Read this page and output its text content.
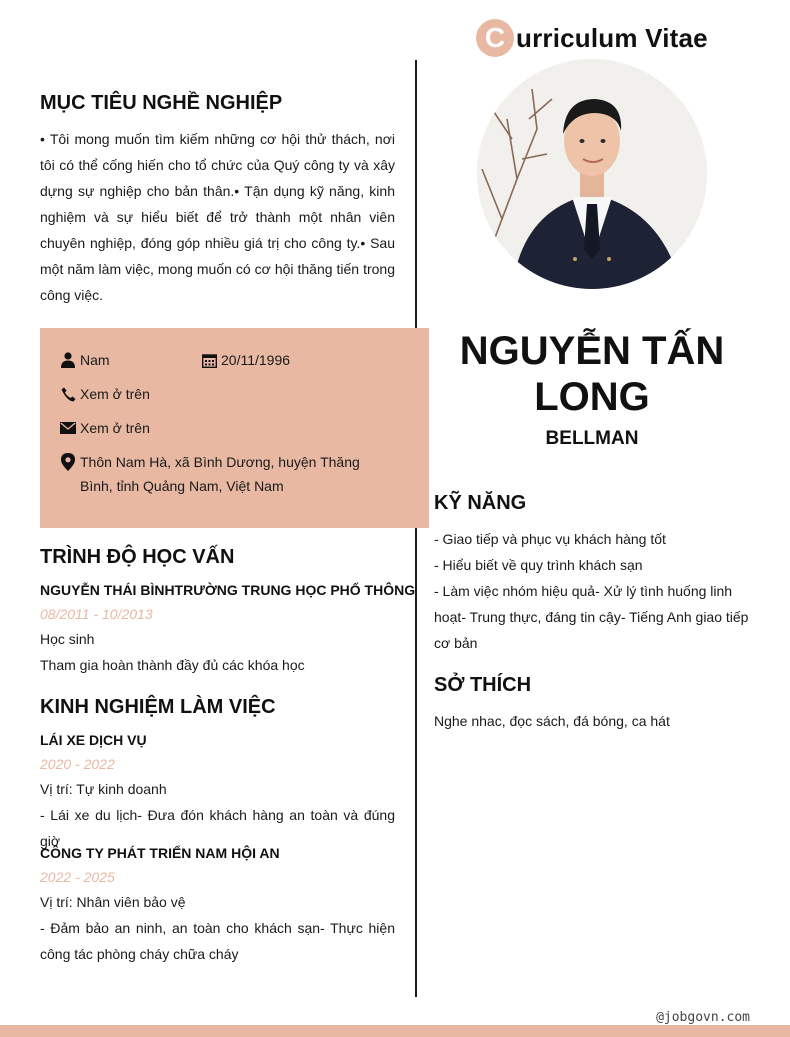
C urriculum Vitae
MỤC TIÊU NGHỀ NGHIỆP

• Tôi mong muốn tìm kiếm những cơ hội thử thách, nơi tôi có thể cống hiến cho tổ chức của Quý công ty và xây dựng sự nghiệp cho bản thân.• Tận dụng kỹ năng, kinh nghiệm và sự hiểu biết để trở thành một nhân viên chuyên nghiệp, đóng góp nhiều giá trị cho công ty.• Sau một năm làm việc, mong muốn có cơ hội thăng tiến trong công việc.

Nam	20/11/1996
Xem ở trên
Xem ở trên
Thôn Nam Hà, xã Bình Dương, huyện Thăng Bình, tỉnh Quảng Nam, Việt Nam
TRÌNH ĐỘ HỌC VẤN
NGUYỄN THÁI BÌNHTRƯỜNG TRUNG HỌC PHỔ THÔNG
08/2011 - 10/2013
Học sinh
Tham gia hoàn thành đầy đủ các khóa học
KINH NGHIỆM LÀM VIỆC
LÁI XE DỊCH VỤ
2020 - 2022
Vị trí: Tự kinh doanh
- Lái xe du lịch- Đưa đón khách hàng an toàn và đúng giờ
CÔNG TY PHÁT TRIỂN NAM HỘI AN
2022 - 2025
Vị trí: Nhân viên bảo vệ
- Đảm bảo an ninh, an toàn cho khách sạn- Thực hiện công tác phòng cháy chữa cháy
NGUYỄN TẤN LONG
BELLMAN
KỸ NĂNG
- Giao tiếp và phục vụ khách hàng tốt
- Hiểu biết về quy trình khách sạn
- Làm việc nhóm hiệu quả- Xử lý tình huống linh hoạt- Trung thực, đáng tin cậy- Tiếng Anh giao tiếp cơ bản
SỞ THÍCH
Nghe nhac, đọc sách, đá bóng, ca hát
@jobgovn.com
